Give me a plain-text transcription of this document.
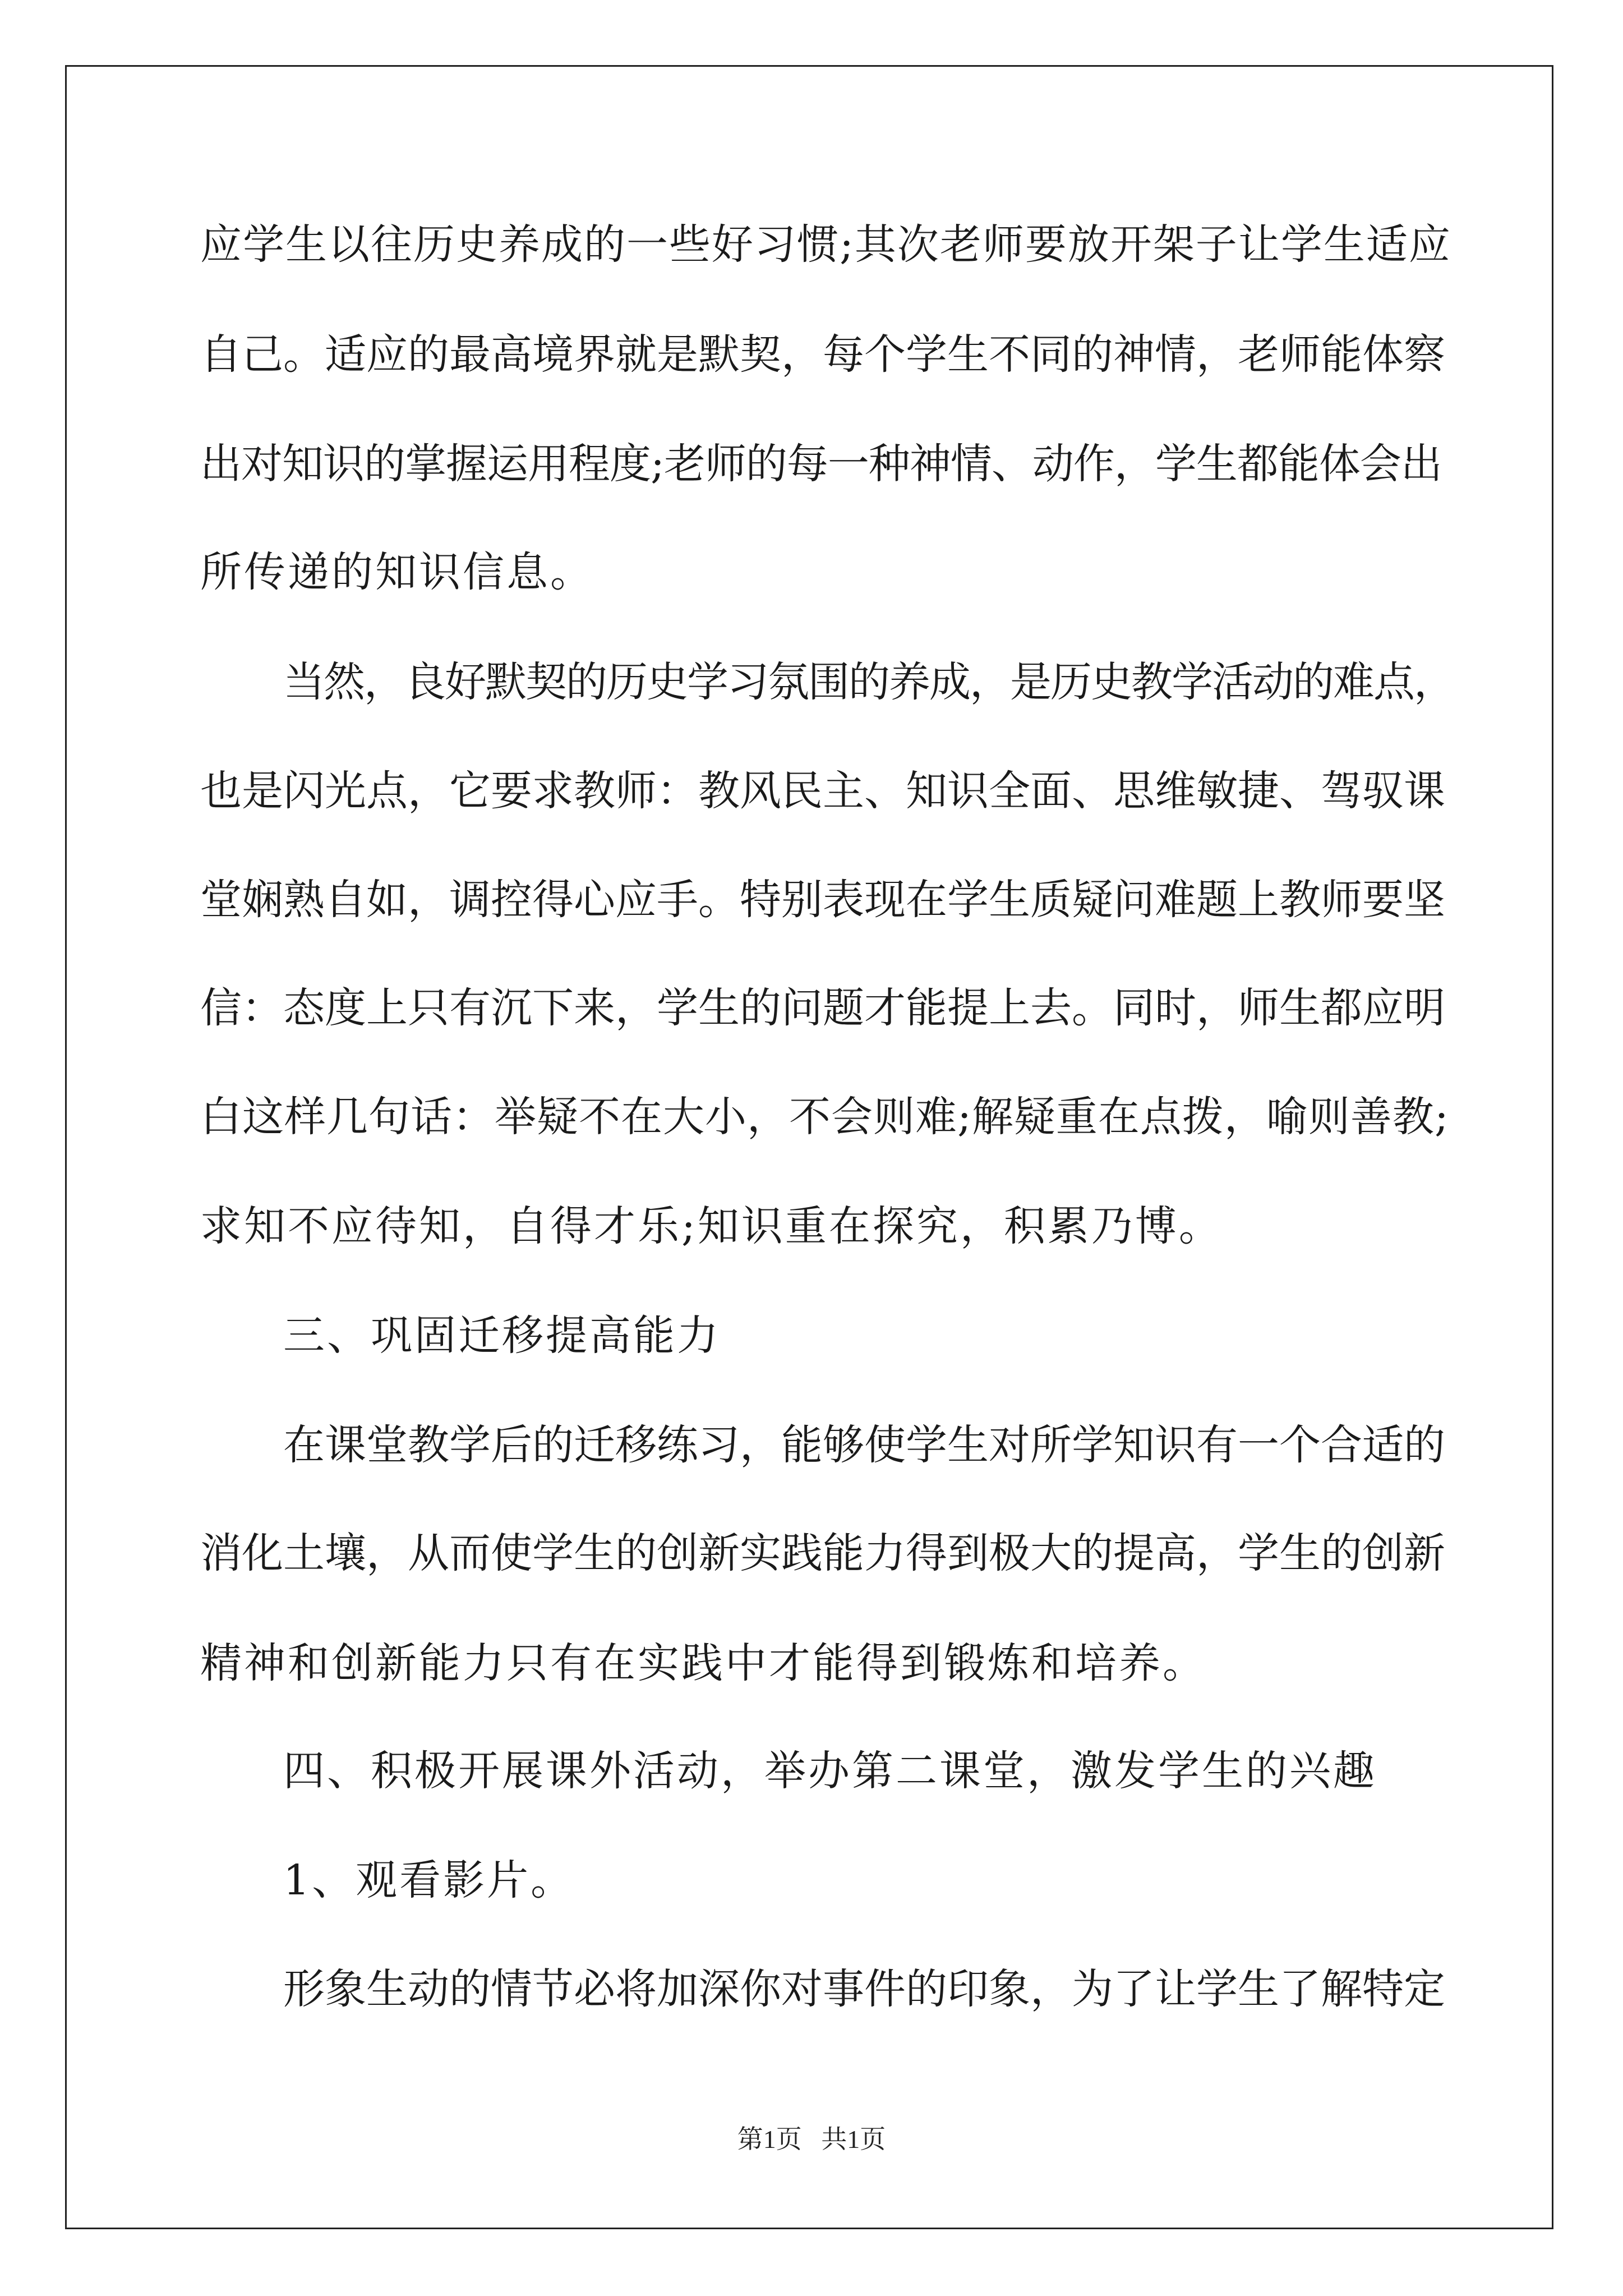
应学生以往历史养成的一些好习惯;其次老师要放开架子让学生适应
自己。适应的最高境界就是默契，每个学生不同的神情，老师能体察
出对知识的掌握运用程度;老师的每一种神情、动作，学生都能体会出
所传递的知识信息。
当然，良好默契的历史学习氛围的养成，是历史教学活动的难点，
也是闪光点，它要求教师：教风民主、知识全面、思维敏捷、驾驭课
堂娴熟自如，调控得心应手。特别表现在学生质疑问难题上教师要坚
信：态度上只有沉下来，学生的问题才能提上去。同时，师生都应明
白这样几句话：举疑不在大小，不会则难;解疑重在点拨，喻则善教;
求知不应待知，自得才乐;知识重在探究，积累乃博。
三、巩固迁移提高能力
在课堂教学后的迁移练习，能够使学生对所学知识有一个合适的
消化土壤，从而使学生的创新实践能力得到极大的提高，学生的创新
精神和创新能力只有在实践中才能得到锻炼和培养。
四、积极开展课外活动，举办第二课堂，激发学生的兴趣
1、观看影片。
形象生动的情节必将加深你对事件的印象，为了让学生了解特定
第1页   共1页
